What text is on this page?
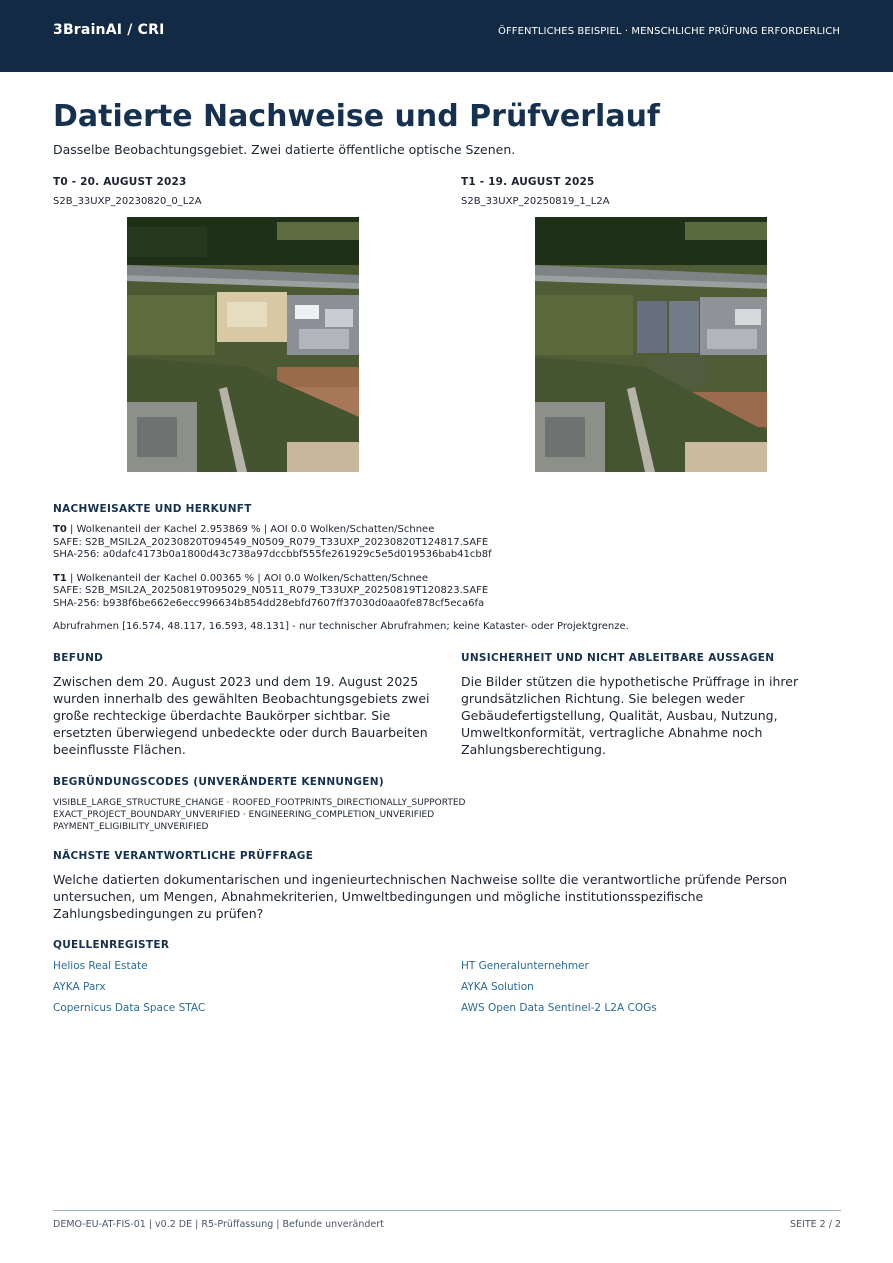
3BrainAI / CRI	ÖFFENTLICHES BEISPIEL · MENSCHLICHE PRÜFUNG ERFORDERLICH
Datierte Nachweise und Prüfverlauf
Dasselbe Beobachtungsgebiet. Zwei datierte öffentliche optische Szenen.
T0 - 20. AUGUST 2023
S2B_33UXP_20230820_0_L2A
T1 - 19. AUGUST 2025
S2B_33UXP_20250819_1_L2A
NACHWEISAKTE UND HERKUNFT
T0 | Wolkenanteil der Kachel 2.953869 % | AOI 0.0 Wolken/Schatten/Schnee
SAFE: S2B_MSIL2A_20230820T094549_N0509_R079_T33UXP_20230820T124817.SAFE
SHA-256: a0dafc4173b0a1800d43c738a97dccbbf555fe261929c5e5d019536bab41cb8f
T1 | Wolkenanteil der Kachel 0.00365 % | AOI 0.0 Wolken/Schatten/Schnee
SAFE: S2B_MSIL2A_20250819T095029_N0511_R079_T33UXP_20250819T120823.SAFE
SHA-256: b938f6be662e6ecc996634b854dd28ebfd7607ff37030d0aa0fe878cf5eca6fa
Abrufrahmen [16.574, 48.117, 16.593, 48.131] - nur technischer Abrufrahmen; keine Kataster- oder Projektgrenze.
BEFUND
Zwischen dem 20. August 2023 und dem 19. August 2025 wurden innerhalb des gewählten Beobachtungsgebiets zwei große rechteckige überdachte Baukörper sichtbar. Sie ersetzten überwiegend unbedeckte oder durch Bauarbeiten beeinflusste Flächen.
UNSICHERHEIT UND NICHT ABLEITBARE AUSSAGEN
Die Bilder stützen die hypothetische Prüffrage in ihrer grundsätzlichen Richtung. Sie belegen weder Gebäudefertigstellung, Qualität, Ausbau, Nutzung, Umweltkonformität, vertragliche Abnahme noch Zahlungsberechtigung.
BEGRÜNDUNGSCODES (UNVERÄNDERTE KENNUNGEN)
VISIBLE_LARGE_STRUCTURE_CHANGE · ROOFED_FOOTPRINTS_DIRECTIONALLY_SUPPORTED
EXACT_PROJECT_BOUNDARY_UNVERIFIED · ENGINEERING_COMPLETION_UNVERIFIED
PAYMENT_ELIGIBILITY_UNVERIFIED
NÄCHSTE VERANTWORTLICHE PRÜFFRAGE
Welche datierten dokumentarischen und ingenieurtechnischen Nachweise sollte die verantwortliche prüfende Person untersuchen, um Mengen, Abnahmekriterien, Umweltbedingungen und mögliche institutionsspezifische Zahlungsbedingungen zu prüfen?
QUELLENREGISTER
Helios Real Estate
AYKA Parx
Copernicus Data Space STAC
HT Generalunternehmer
AYKA Solution
AWS Open Data Sentinel-2 L2A COGs
DEMO-EU-AT-FIS-01 | v0.2 DE | R5-Prüffassung | Befunde unverändert	SEITE 2 / 2
